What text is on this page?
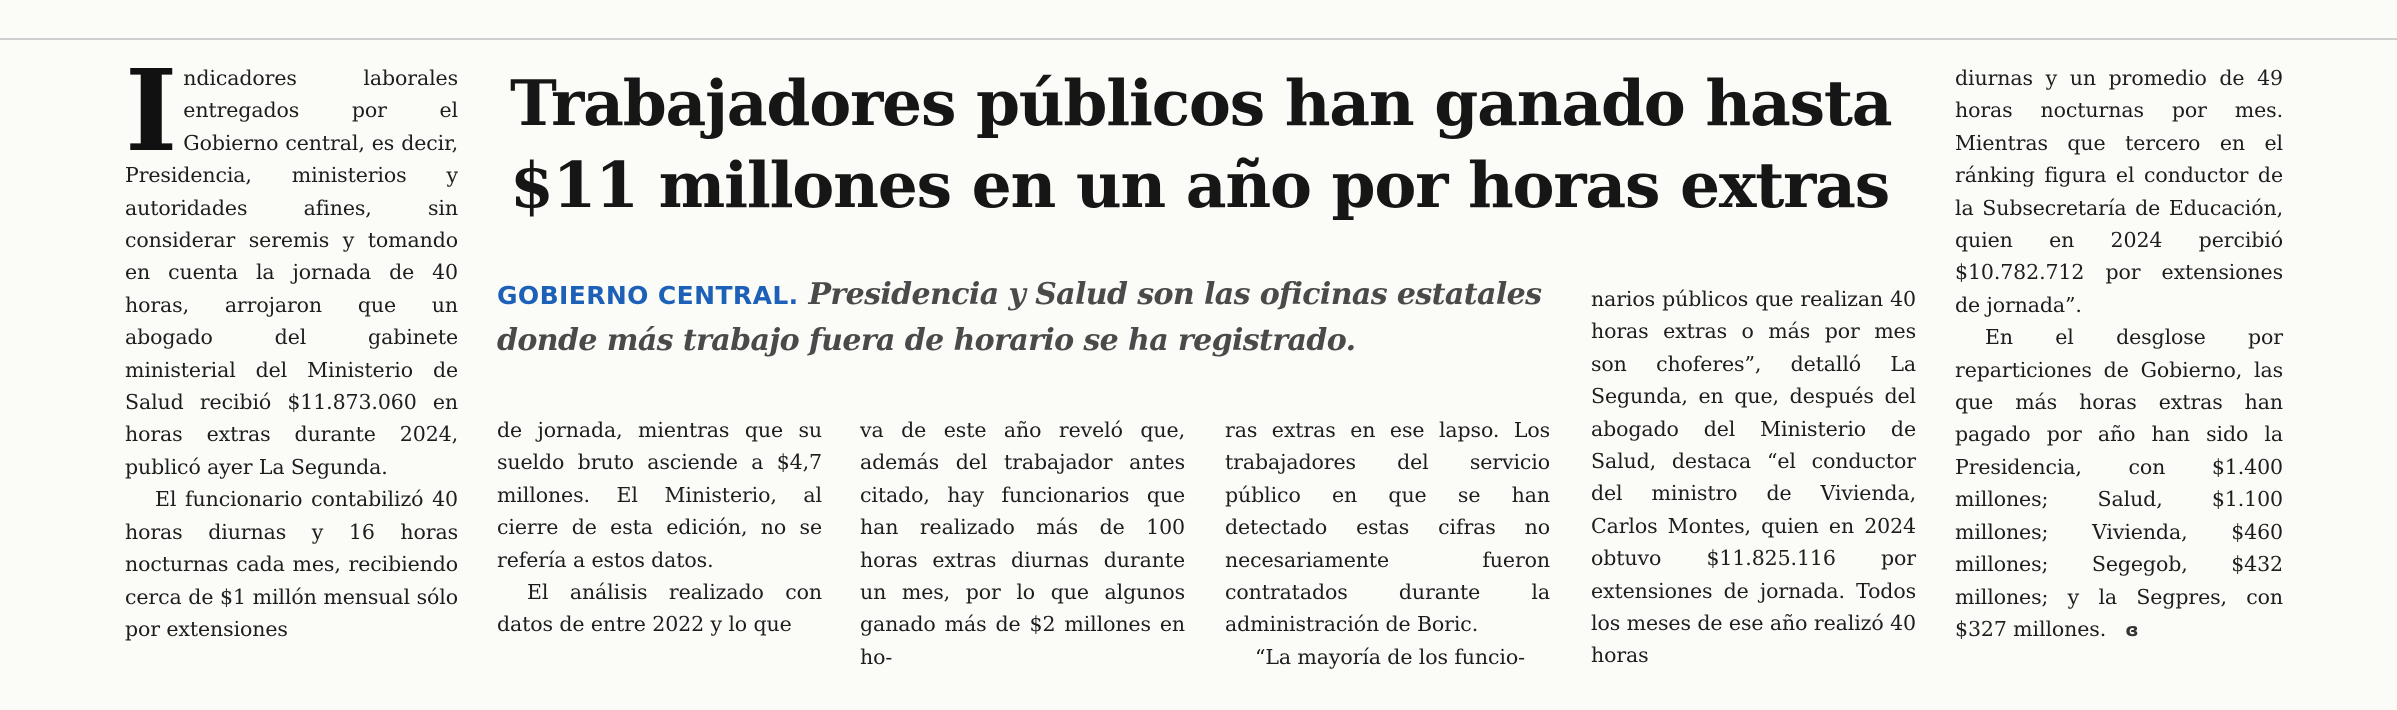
Indicadores laborales entregados por el Gobierno central, es decir, Presidencia, ministerios y autoridades afines, sin considerar seremis y tomando en cuenta la jornada de 40 horas, arrojaron que un abogado del gabinete ministerial del Ministerio de Salud recibió $11.873.060 en horas extras durante 2024, publicó ayer La Segunda.

El funcionario contabilizó 40 horas diurnas y 16 horas nocturnas cada mes, recibiendo cerca de $1 millón mensual sólo por extensiones

Trabajadores públicos han ganado hasta $11 millones en un año por horas extras

GOBIERNO CENTRAL. Presidencia y Salud son las oficinas estatales donde más trabajo fuera de horario se ha registrado.

de jornada, mientras que su sueldo bruto asciende a $4,7 millones. El Ministerio, al cierre de esta edición, no se refería a estos datos.

El análisis realizado con datos de entre 2022 y lo que

va de este año reveló que, además del trabajador antes citado, hay funcionarios que han realizado más de 100 horas extras diurnas durante un mes, por lo que algunos ganado más de $2 millones en ho-

ras extras en ese lapso. Los trabajadores del servicio público en que se han detectado estas cifras no necesariamente fueron contratados durante la administración de Boric.

“La mayoría de los funcio-

narios públicos que realizan 40 horas extras o más por mes son choferes”, detalló La Segunda, en que, después del abogado del Ministerio de Salud, destaca “el conductor del ministro de Vivienda, Carlos Montes, quien en 2024 obtuvo $11.825.116 por extensiones de jornada. Todos los meses de ese año realizó 40 horas

diurnas y un promedio de 49 horas nocturnas por mes. Mientras que tercero en el ránking figura el conductor de la Subsecretaría de Educación, quien en 2024 percibió $10.782.712 por extensiones de jornada”.

En el desglose por reparticiones de Gobierno, las que más horas extras han pagado por año han sido la Presidencia, con $1.400 millones; Salud, $1.100 millones; Vivienda, $460 millones; Segegob, $432 millones; y la Segpres, con $327 millones. ɞ
